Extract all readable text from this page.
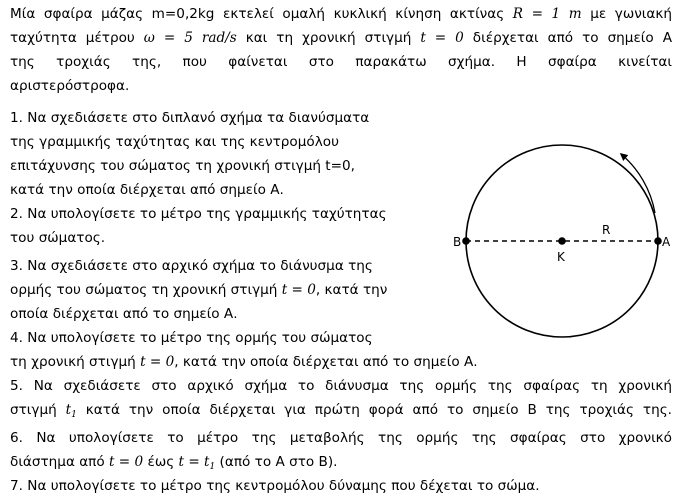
Μία σφαίρα μάζας m=0,2kg εκτελεί ομαλή κυκλική κίνηση ακτίνας R = 1 m με γωνιακή
ταχύτητα μέτρου ω = 5 rad/s και τη χρονική στιγμή t = 0 διέρχεται από το σημείο Α
της τροχιάς της, που φαίνεται στο παρακάτω σχήμα. Η σφαίρα κινείται
αριστερόστροφα.
1. Να σχεδιάσετε στο διπλανό σχήμα τα διανύσματα
της γραμμικής ταχύτητας και της κεντρομόλου
επιτάχυνσης του σώματος τη χρονική στιγμή t=0,
κατά την οποία διέρχεται από σημείο Α.
2. Να υπολογίσετε το μέτρο της γραμμικής ταχύτητας
του σώματος.
3. Να σχεδιάσετε στο αρχικό σχήμα το διάνυσμα της
ορμής του σώματος τη χρονική στιγμή t = 0, κατά την
οποία διέρχεται από το σημείο Α.
4. Να υπολογίσετε το μέτρο της ορμής του σώματος
τη χρονική στιγμή t = 0, κατά την οποία διέρχεται από το σημείο Α.
5. Να σχεδιάσετε στο αρχικό σχήμα το διάνυσμα της ορμής της σφαίρας τη χρονική
στιγμή $t_1$ κατά την οποία διέρχεται για πρώτη φορά από το σημείο Β της τροχιάς της.
6. Να υπολογίσετε το μέτρο της μεταβολής της ορμής της σφαίρας στο χρονικό
διάστημα από t = 0 έως $t = t_1$ (από το Α στο Β).
7. Να υπολογίσετε το μέτρο της κεντρομόλου δύναμης που δέχεται το σώμα.
Β	Α
R
Κ
